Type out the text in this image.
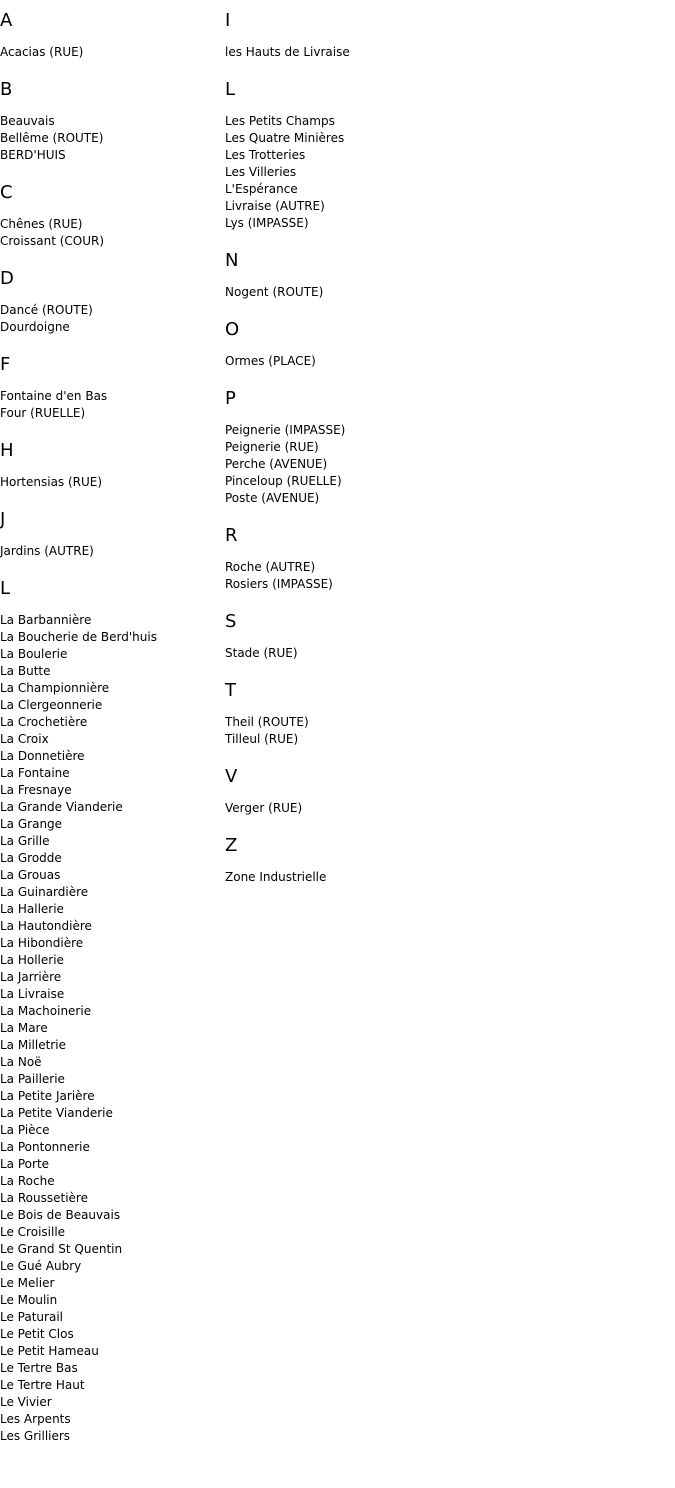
A
Acacias (RUE)
B
Beauvais
Bellême (ROUTE)
BERD'HUIS
C
Chênes (RUE)
Croissant (COUR)
D
Dancé (ROUTE)
Dourdoigne
F
Fontaine d'en Bas
Four (RUELLE)
H
Hortensias (RUE)
J
Jardins (AUTRE)
L
La Barbannière
La Boucherie de Berd'huis
La Boulerie
La Butte
La Championnière
La Clergeonnerie
La Crochetière
La Croix
La Donnetière
La Fontaine
La Fresnaye
La Grande Vianderie
La Grange
La Grille
La Grodde
La Grouas
La Guinardière
La Hallerie
La Hautondière
La Hibondière
La Hollerie
La Jarrière
La Livraise
La Machoinerie
La Mare
La Milletrie
La Noë
La Paillerie
La Petite Jarière
La Petite Vianderie
La Pièce
La Pontonnerie
La Porte
La Roche
La Roussetière
Le Bois de Beauvais
Le Croisille
Le Grand St Quentin
Le Gué Aubry
Le Melier
Le Moulin
Le Paturail
Le Petit Clos
Le Petit Hameau
Le Tertre Bas
Le Tertre Haut
Le Vivier
Les Arpents
Les Grilliers
I
les Hauts de Livraise
L
Les Petits Champs
Les Quatre Minières
Les Trotteries
Les Villeries
L'Espérance
Livraise (AUTRE)
Lys (IMPASSE)
N
Nogent (ROUTE)
O
Ormes (PLACE)
P
Peignerie (IMPASSE)
Peignerie (RUE)
Perche (AVENUE)
Pinceloup (RUELLE)
Poste (AVENUE)
R
Roche (AUTRE)
Rosiers (IMPASSE)
S
Stade (RUE)
T
Theil (ROUTE)
Tilleul (RUE)
V
Verger (RUE)
Z
Zone Industrielle
